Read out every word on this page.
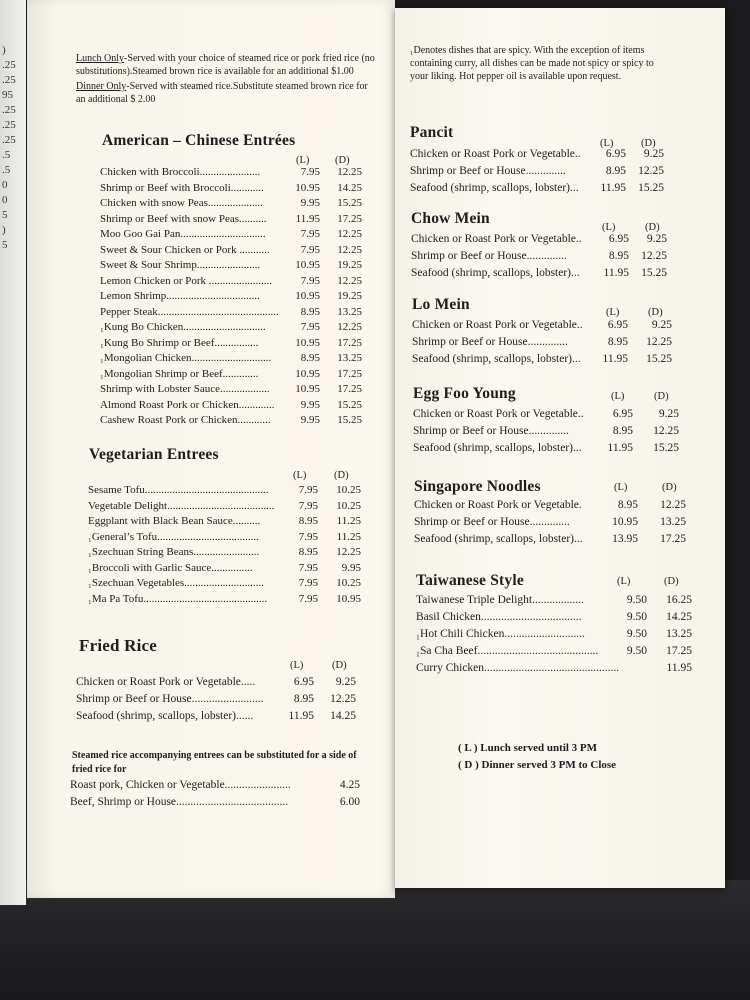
)
.25
.25
95
.25
.25
.25
.5
.5
0
0
5
)
5

Lunch Only-Served with your choice of steamed rice or pork fried rice (no substitutions).Steamed brown rice is available for an additional $1.00

Dinner Only-Served with steamed rice.Substitute steamed brown rice for an additional $ 2.00

₁Denotes dishes that are spicy. With the exception of items containing curry, all dishes can be made not spicy or spicy to your liking. Hot pepper oil is available upon request.
American – Chinese Entrées
(L) (D)
Chicken with Broccoli......................	7.95	12.25
Shrimp or Beef with Broccoli............	10.95	14.25
Chicken with snow Peas....................	9.95	15.25
Shrimp or Beef with snow Peas..........	11.95	17.25
Moo Goo Gai Pan...............................	7.95	12.25
Sweet & Sour Chicken or Pork ...........	7.95	12.25
Sweet & Sour Shrimp.......................	10.95	19.25
Lemon Chicken or Pork .......................	7.95	12.25
Lemon Shrimp..................................	10.95	19.25
Pepper Steak............................................	8.95	13.25
₁Kung Bo Chicken..............................	7.95	12.25
₁Kung Bo Shrimp or Beef................	10.95	17.25
₁Mongolian Chicken.............................	8.95	13.25
₁Mongolian Shrimp or Beef.............	10.95	17.25
Shrimp with Lobster Sauce..................	10.95	17.25
Almond Roast Pork or Chicken.............	9.95	15.25
Cashew Roast Pork or Chicken............	9.95	15.25
Vegetarian Entrees
(L)	(D)
Sesame Tofu.............................................	7.95	10.25
Vegetable Delight.......................................	7.95	10.25
Eggplant with Black Bean Sauce..........	8.95	11.25
₁General’s Tofu.....................................	7.95	11.25
₁Szechuan String Beans........................	8.95	12.25
₁Broccoli with Garlic Sauce...............	7.95	9.95
₁Szechuan Vegetables.............................	7.95	10.25
₁Ma Pa Tofu.............................................	7.95	10.95
Fried Rice
(L)	(D)
Chicken or Roast Pork or Vegetable.....	6.95	9.25
Shrimp or Beef or House.........................	8.95	12.25
Seafood (shrimp, scallops, lobster)......	11.95	14.25
Steamed rice accompanying entrees can be substituted for a side of fried rice for
Roast pork, Chicken or Vegetable.......................	4.25
Beef, Shrimp or House.......................................	6.00
Pancit
(L)	(D)
Chicken or Roast Pork or Vegetable..	6.95	9.25
Shrimp or Beef or House..............	8.95	12.25
Seafood (shrimp, scallops, lobster)...	11.95	15.25
Chow Mein
(L)	(D)
Chicken or Roast Pork or Vegetable..	6.95	9.25
Shrimp or Beef or House..............	8.95	12.25
Seafood (shrimp, scallops, lobster)...	11.95	15.25
Lo Mein	(L)	(D)
Chicken or Roast Pork or Vegetable..	6.95	9.25
Shrimp or Beef or House..............	8.95	12.25
Seafood (shrimp, scallops, lobster)...	11.95	15.25
Egg Foo Young	(L)	(D)
Chicken or Roast Pork or Vegetable..	6.95	9.25
Shrimp or Beef or House..............	8.95	12.25
Seafood (shrimp, scallops, lobster)...	11.95	15.25
Singapore Noodles	(L)	(D)
Chicken or Roast Pork or Vegetable.	8.95	12.25
Shrimp or Beef or House..............	10.95	13.25
Seafood (shrimp, scallops, lobster)...	13.95	17.25
Taiwanese Style	(L)	(D)
Taiwanese Triple Delight..................	9.50	16.25
Basil Chicken...................................	9.50	14.25
₁Hot Chili Chicken............................	9.50	13.25
₁Sa Cha Beef..........................................	9.50	17.25
Curry Chicken...............................................	11.95
( L ) Lunch served until 3 PM
( D ) Dinner served 3 PM to Close
